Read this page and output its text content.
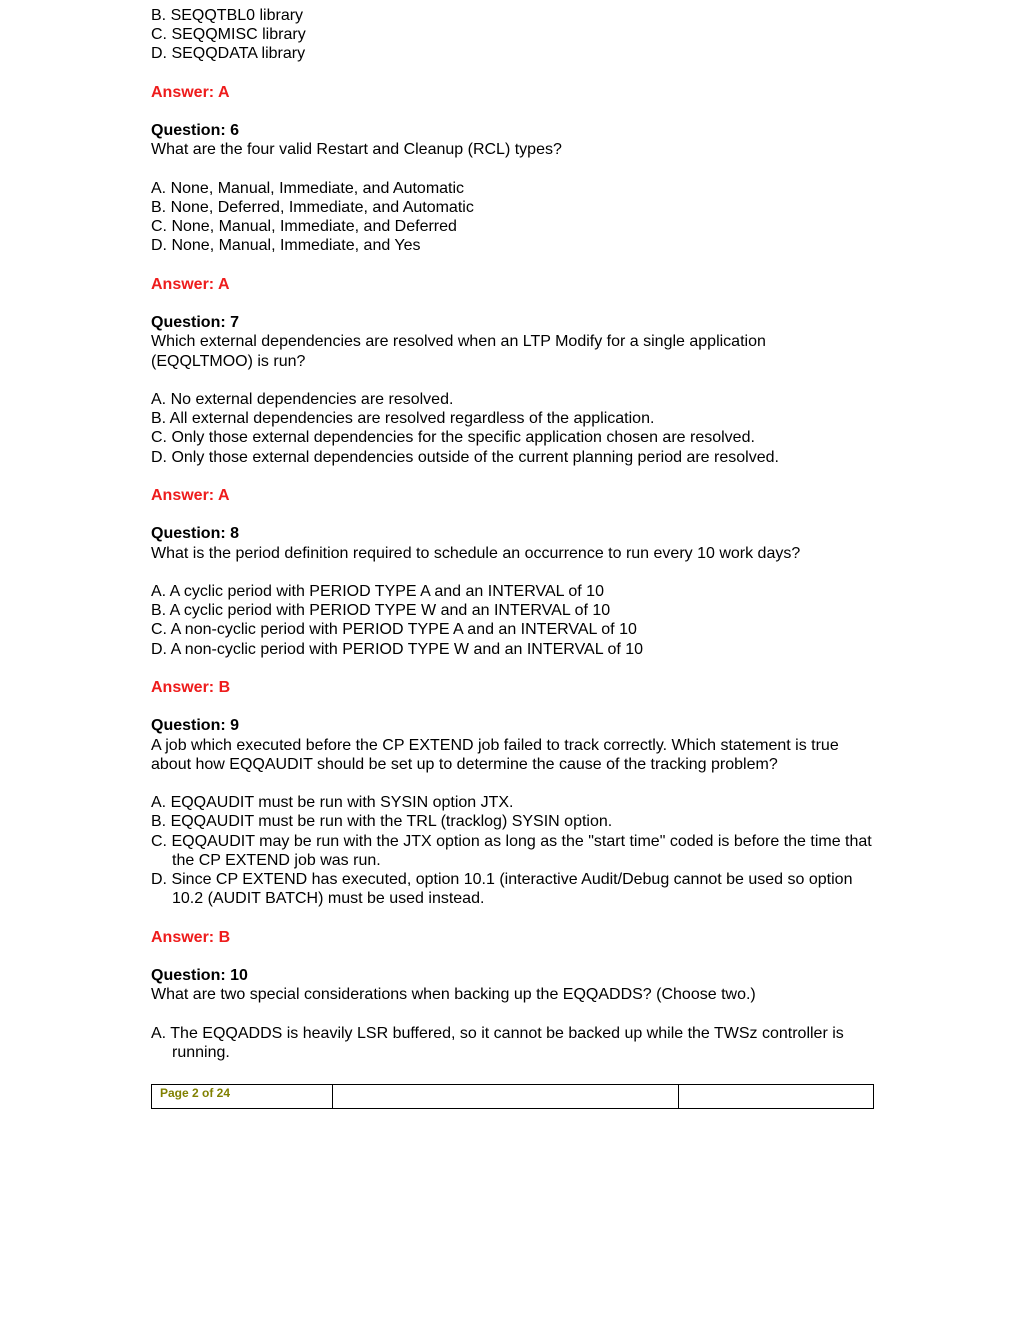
B. SEQQTBL0 library
C. SEQQMISC library
D. SEQQDATA library
Answer: A
Question: 6
What are the four valid Restart and Cleanup (RCL) types?
A. None, Manual, Immediate, and Automatic
B. None, Deferred, Immediate, and Automatic
C. None, Manual, Immediate, and Deferred
D. None, Manual, Immediate, and Yes
Answer: A
Question: 7
Which external dependencies are resolved when an LTP Modify for a single application
(EQQLTMOO) is run?
A. No external dependencies are resolved.
B. All external dependencies are resolved regardless of the application.
C. Only those external dependencies for the specific application chosen are resolved.
D. Only those external dependencies outside of the current planning period are resolved.
Answer: A
Question: 8
What is the period definition required to schedule an occurrence to run every 10 work days?
A. A cyclic period with PERIOD TYPE A and an INTERVAL of 10
B. A cyclic period with PERIOD TYPE W and an INTERVAL of 10
C. A non-cyclic period with PERIOD TYPE A and an INTERVAL of 10
D. A non-cyclic period with PERIOD TYPE W and an INTERVAL of 10
Answer: B
Question: 9
A job which executed before the CP EXTEND job failed to track correctly. Which statement is true
about how EQQAUDIT should be set up to determine the cause of the tracking problem?
A. EQQAUDIT must be run with SYSIN option JTX.
B. EQQAUDIT must be run with the TRL (tracklog) SYSIN option.
C. EQQAUDIT may be run with the JTX option as long as the "start time" coded is before the time that the CP EXTEND job was run.
D. Since CP EXTEND has executed, option 10.1 (interactive Audit/Debug cannot be used so option 10.2 (AUDIT BATCH) must be used instead.
Answer: B
Question: 10
What are two special considerations when backing up the EQQADDS? (Choose two.)
A. The EQQADDS is heavily LSR buffered, so it cannot be backed up while the TWSz controller is running.
Page 2 of 24
